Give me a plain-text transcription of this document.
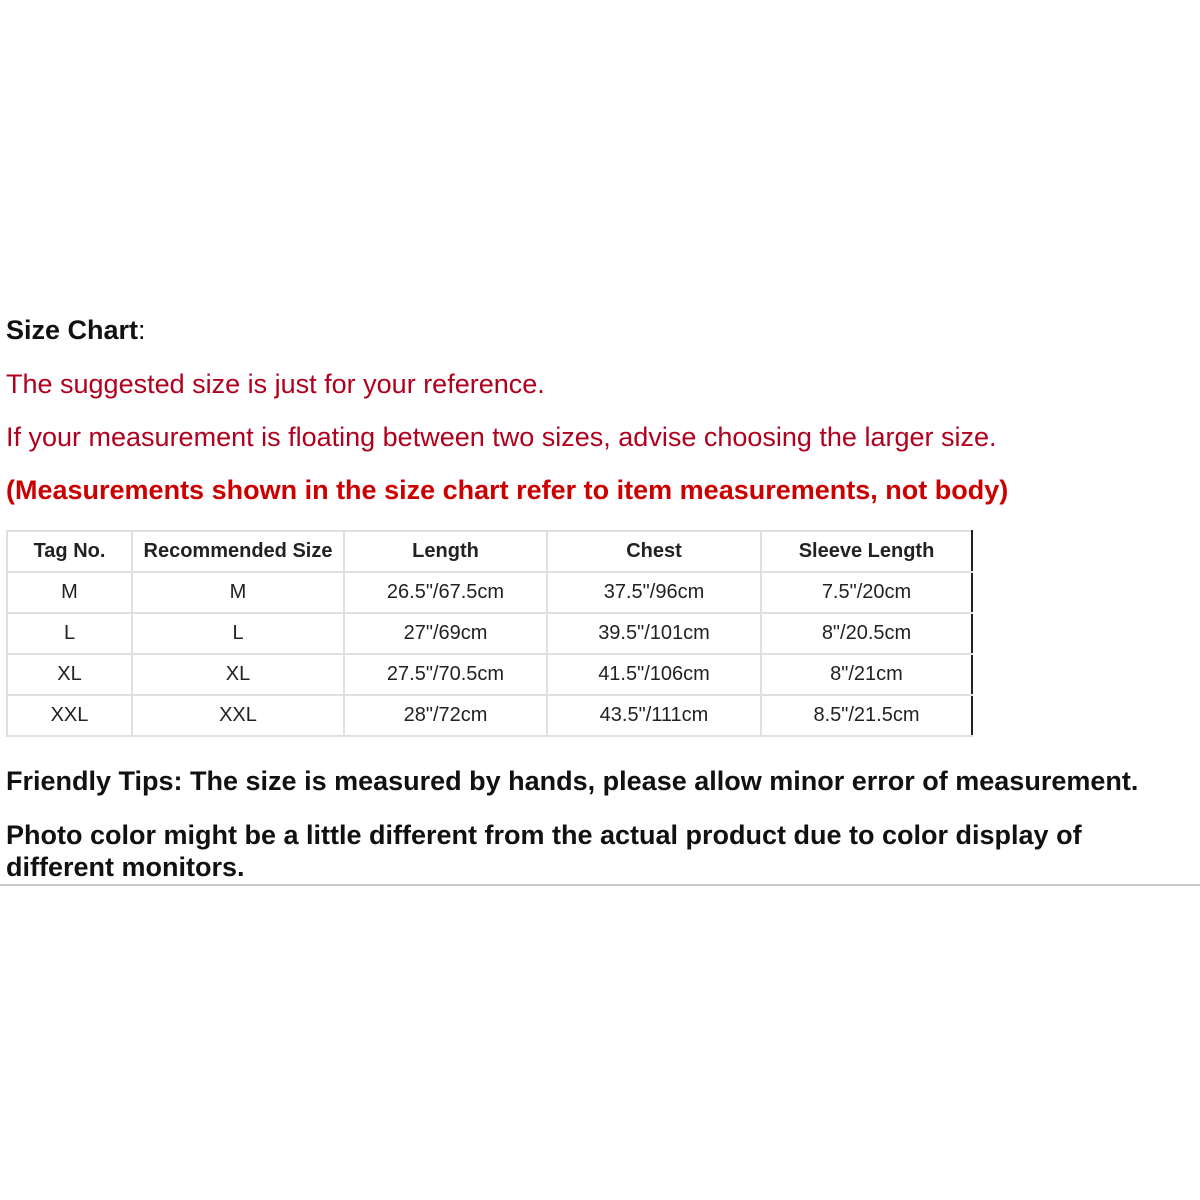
Size Chart:

The suggested size is just for your reference.

If your measurement is floating between two sizes, advise choosing the larger size.

(Measurements shown in the size chart refer to item measurements, not body)

Tag No.	Recommended Size	Length	Chest	Sleeve Length
M	M	26.5"/67.5cm	37.5"/96cm	7.5"/20cm
L	L	27"/69cm	39.5"/101cm	8"/20.5cm
XL	XL	27.5"/70.5cm	41.5"/106cm	8"/21cm
XXL	XXL	28"/72cm	43.5"/111cm	8.5"/21.5cm

Friendly Tips: The size is measured by hands, please allow minor error of measurement.

Photo color might be a little different from the actual product due to color display of different monitors.
